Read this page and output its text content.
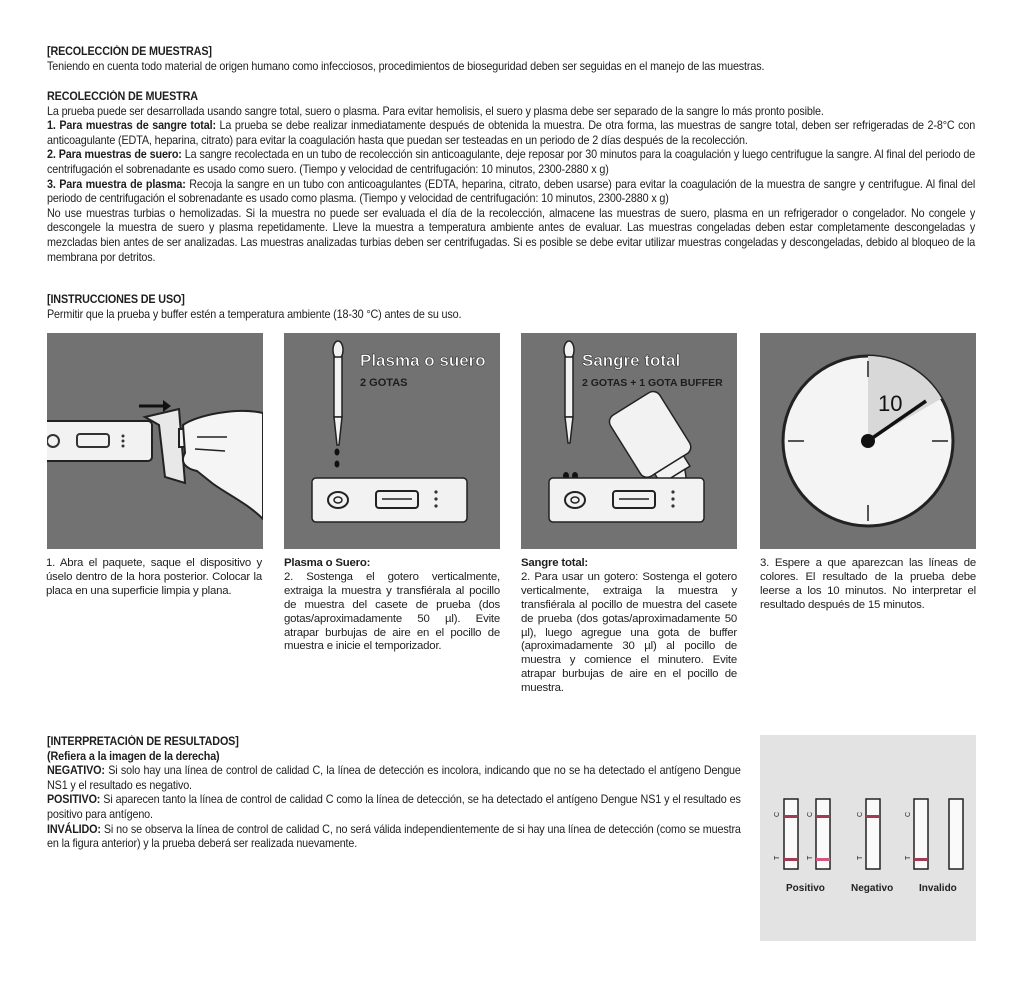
[RECOLECCIÓN DE MUESTRAS]

Teniendo en cuenta todo material de origen humano como infecciosos, procedimientos de bioseguridad deben ser seguidas en el manejo de las muestras.

RECOLECCIÓN DE MUESTRA

La prueba puede ser desarrollada usando sangre total, suero o plasma. Para evitar hemolisis, el suero y plasma debe ser separado de la sangre lo más pronto posible.

1. Para muestras de sangre total: La prueba se debe realizar inmediatamente después de obtenida la muestra. De otra forma, las muestras de sangre total, deben ser refrigeradas de 2-8°C con anticoagulante (EDTA, heparina, citrato) para evitar la coagulación hasta que puedan ser testeadas en un periodo de 2 días después de la recolección.

2. Para muestras de suero: La sangre recolectada en un tubo de recolección sin anticoagulante, deje reposar por 30 minutos para la coagulación y luego centrifugue la sangre. Al final del periodo de centrifugación el sobrenadante es usado como suero. (Tiempo y velocidad de centrifugación: 10 minutos, 2300-2880 x g)

3. Para muestra de plasma: Recoja la sangre en un tubo con anticoagulantes (EDTA, heparina, citrato, deben usarse) para evitar la coagulación de la muestra de sangre y centrifugue. Al final del periodo de centrifugación el sobrenadante es usado como plasma. (Tiempo y velocidad de centrifugación: 10 minutos, 2300-2880 x g)

No use muestras turbias o hemolizadas. Si la muestra no puede ser evaluada el día de la recolección, almacene las muestras de suero, plasma en un refrigerador o congelador. No congele y descongele la muestra de suero y plasma repetidamente. Lleve la muestra a temperatura ambiente antes de evaluar. Las muestras congeladas deben estar completamente descongeladas y mezcladas bien antes de ser analizadas. Las muestras analizadas turbias deben ser centrifugadas. Si es posible se debe evitar utilizar muestras congeladas y descongeladas, debido al bloqueo de la membrana por detritos.

[INSTRUCCIONES DE USO]

Permitir que la prueba y buffer estén a temperatura ambiente (18-30 °C) antes de su uso.

Plasma o suero
2 GOTAS
Sangre total
2 GOTAS + 1 GOTA BUFFER
10
1. Abra el paquete, saque el dispositivo y úselo dentro de la hora posterior. Colocar la placa en una superficie limpia y plana.
Plasma o Suero:
2. Sostenga el gotero verticalmente, extraiga la muestra y transfiérala al pocillo de muestra del casete de prueba (dos gotas/aproximadamente 50 µl). Evite atrapar burbujas de aire en el pocillo de muestra e inicie el temporizador.
Sangre total:
2. Para usar un gotero: Sostenga el gotero verticalmente, extraiga la muestra y transfiérala al pocillo de muestra del casete de prueba (dos gotas/aproximadamente 50 µl), luego agregue una gota de buffer (aproximadamente 30 µl) al pocillo de muestra y comience el minutero. Evite atrapar burbujas de aire en el pocillo de muestra.
3. Espere a que aparezcan las líneas de colores. El resultado de la prueba debe leerse a los 10 minutos. No interpretar el resultado después de 15 minutos.
[INTERPRETACIÓN DE RESULTADOS]
(Refiera a la imagen de la derecha)

NEGATIVO: Si solo hay una línea de control de calidad C, la línea de detección es incolora, indicando que no se ha detectado el antígeno Dengue NS1 y el resultado es negativo.

POSITIVO: Si aparecen tanto la línea de control de calidad C como la línea de detección, se ha detectado el antígeno Dengue NS1 y el resultado es positivo para antígeno.

INVÁLIDO: Si no se observa la línea de control de calidad C, no será válida independientemente de si hay una línea de detección (como se muestra en la figura anterior) y la prueba deberá ser realizada nuevamente.

C
T
C
T
C
T
C
T
Positivo	Negativo	Invalido
